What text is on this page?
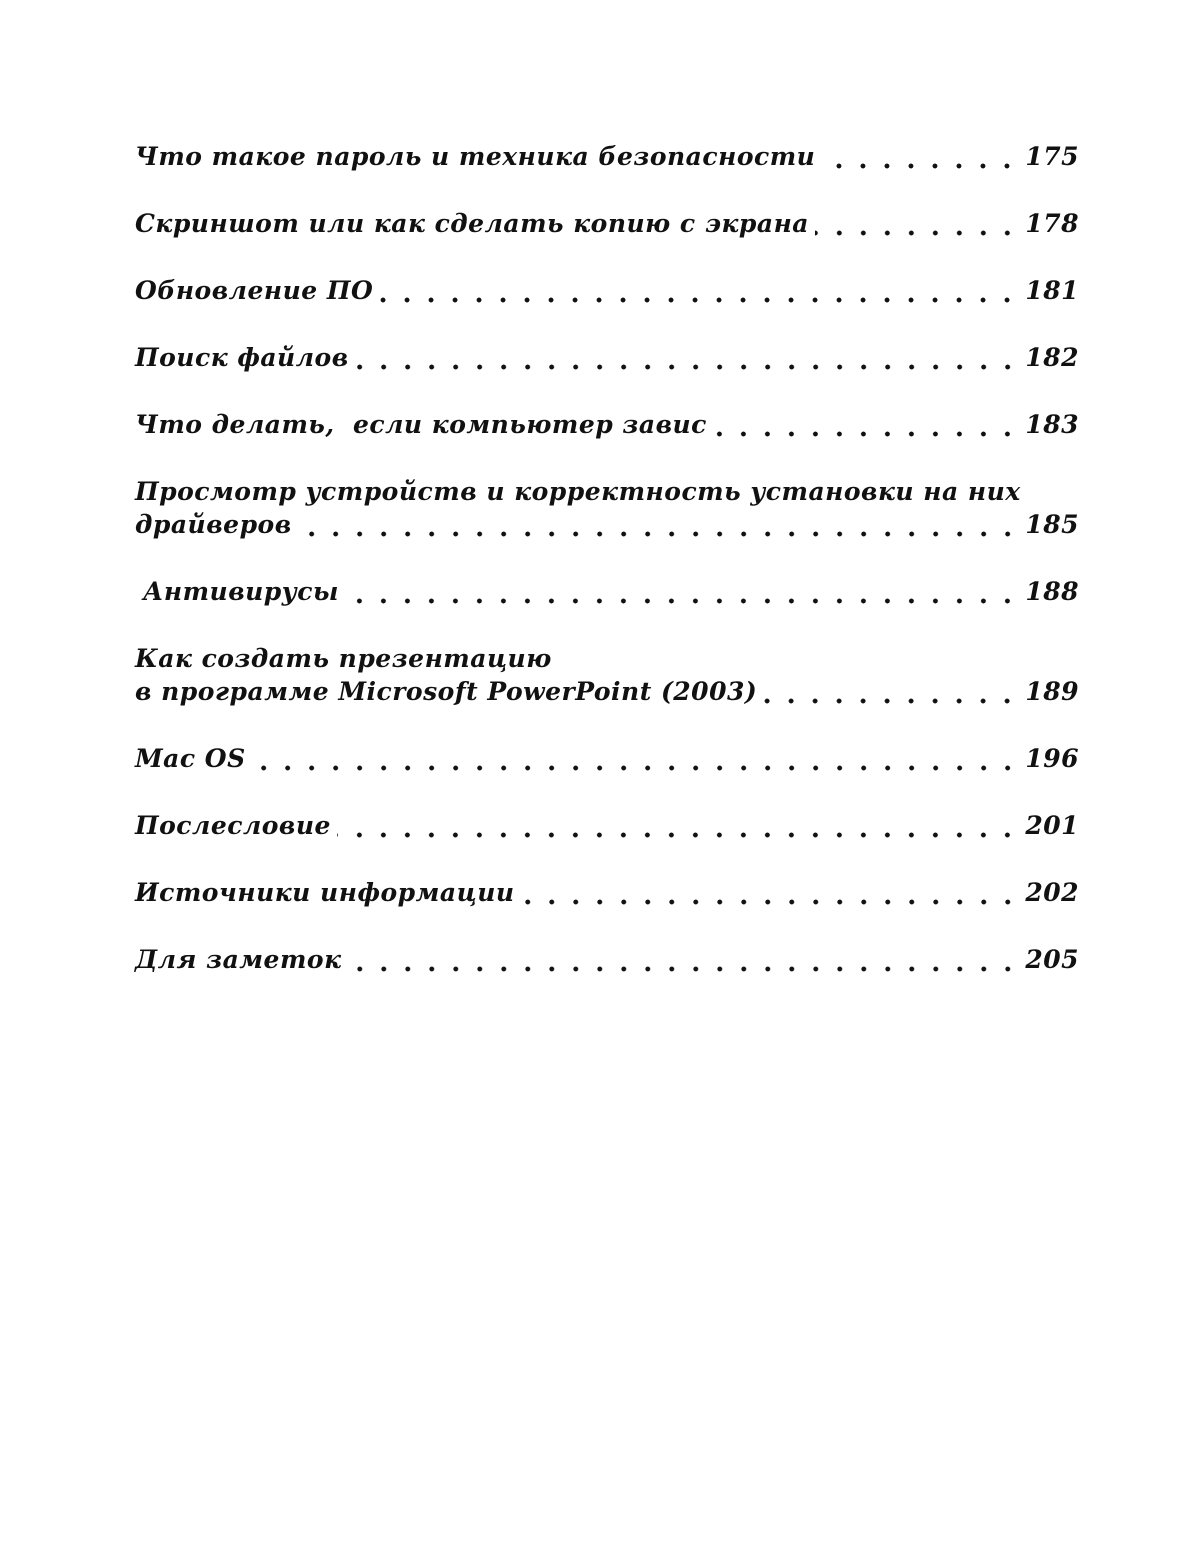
Что такое пароль и техника безопасности	175
Скриншот или как сделать копию с экрана	178
Обновление ПО	181
Поиск файлов	182
Что делать,  если компьютер завис	183
Просмотр устройств и корректность установки на них
драйверов	185
Антивирусы	188
Как создать презентацию
в программе Microsoft PowerPoint (2003)	189
Mac OS	196
Послесловие	201
Источники информации	202
Для заметок	205
